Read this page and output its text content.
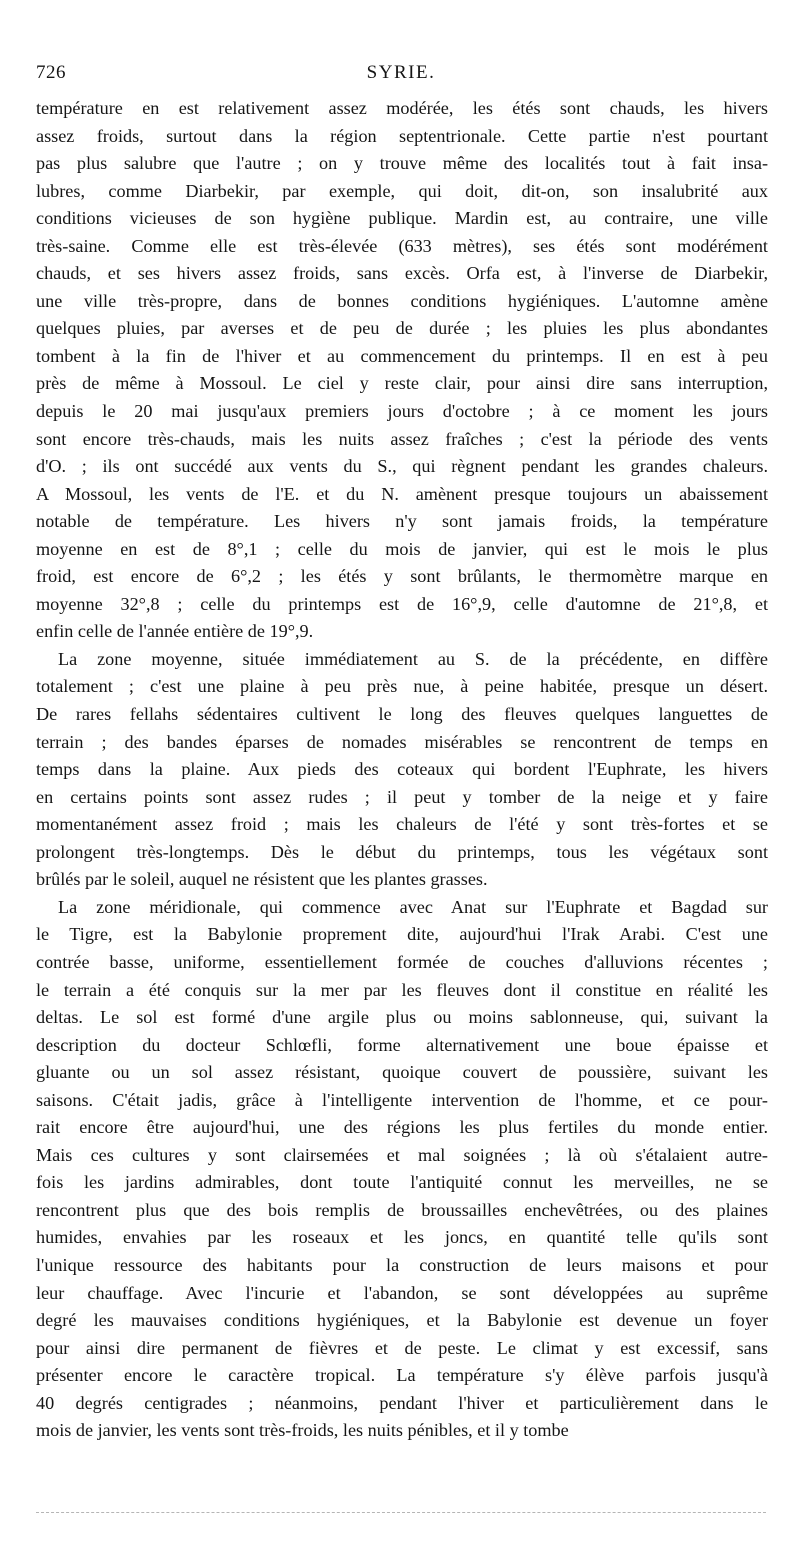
726	SYRIE.
température en est relativement assez modérée, les étés sont chauds, les hivers
assez froids, surtout dans la région septentrionale. Cette partie n'est pourtant
pas plus salubre que l'autre ; on y trouve même des localités tout à fait insa-
lubres, comme Diarbekir, par exemple, qui doit, dit-on, son insalubrité aux
conditions vicieuses de son hygiène publique. Mardin est, au contraire, une ville
très-saine. Comme elle est très-élevée (633 mètres), ses étés sont modérément
chauds, et ses hivers assez froids, sans excès. Orfa est, à l'inverse de Diarbekir,
une ville très-propre, dans de bonnes conditions hygiéniques. L'automne amène
quelques pluies, par averses et de peu de durée ; les pluies les plus abondantes
tombent à la fin de l'hiver et au commencement du printemps. Il en est à peu
près de même à Mossoul. Le ciel y reste clair, pour ainsi dire sans interruption,
depuis le 20 mai jusqu'aux premiers jours d'octobre ; à ce moment les jours
sont encore très-chauds, mais les nuits assez fraîches ; c'est la période des vents
d'O. ; ils ont succédé aux vents du S., qui règnent pendant les grandes chaleurs.
A Mossoul, les vents de l'E. et du N. amènent presque toujours un abaissement
notable de température. Les hivers n'y sont jamais froids, la température
moyenne en est de 8°,1 ; celle du mois de janvier, qui est le mois le plus
froid, est encore de 6°,2 ; les étés y sont brûlants, le thermomètre marque en
moyenne 32°,8 ; celle du printemps est de 16°,9, celle d'automne de 21°,8, et
enfin celle de l'année entière de 19°,9.
La zone moyenne, située immédiatement au S. de la précédente, en diffère
totalement ; c'est une plaine à peu près nue, à peine habitée, presque un désert.
De rares fellahs sédentaires cultivent le long des fleuves quelques languettes de
terrain ; des bandes éparses de nomades misérables se rencontrent de temps en
temps dans la plaine. Aux pieds des coteaux qui bordent l'Euphrate, les hivers
en certains points sont assez rudes ; il peut y tomber de la neige et y faire
momentanément assez froid ; mais les chaleurs de l'été y sont très-fortes et se
prolongent très-longtemps. Dès le début du printemps, tous les végétaux sont
brûlés par le soleil, auquel ne résistent que les plantes grasses.
La zone méridionale, qui commence avec Anat sur l'Euphrate et Bagdad sur
le Tigre, est la Babylonie proprement dite, aujourd'hui l'Irak Arabi. C'est une
contrée basse, uniforme, essentiellement formée de couches d'alluvions récentes ;
le terrain a été conquis sur la mer par les fleuves dont il constitue en réalité les
deltas. Le sol est formé d'une argile plus ou moins sablonneuse, qui, suivant la
description du docteur Schlœfli, forme alternativement une boue épaisse et
gluante ou un sol assez résistant, quoique couvert de poussière, suivant les
saisons. C'était jadis, grâce à l'intelligente intervention de l'homme, et ce pour-
rait encore être aujourd'hui, une des régions les plus fertiles du monde entier.
Mais ces cultures y sont clairsemées et mal soignées ; là où s'étalaient autre-
fois les jardins admirables, dont toute l'antiquité connut les merveilles, ne se
rencontrent plus que des bois remplis de broussailles enchevêtrées, ou des plaines
humides, envahies par les roseaux et les joncs, en quantité telle qu'ils sont
l'unique ressource des habitants pour la construction de leurs maisons et pour
leur chauffage. Avec l'incurie et l'abandon, se sont développées au suprême
degré les mauvaises conditions hygiéniques, et la Babylonie est devenue un foyer
pour ainsi dire permanent de fièvres et de peste. Le climat y est excessif, sans
présenter encore le caractère tropical. La température s'y élève parfois jusqu'à
40 degrés centigrades ; néanmoins, pendant l'hiver et particulièrement dans le
mois de janvier, les vents sont très-froids, les nuits pénibles, et il y tombe
